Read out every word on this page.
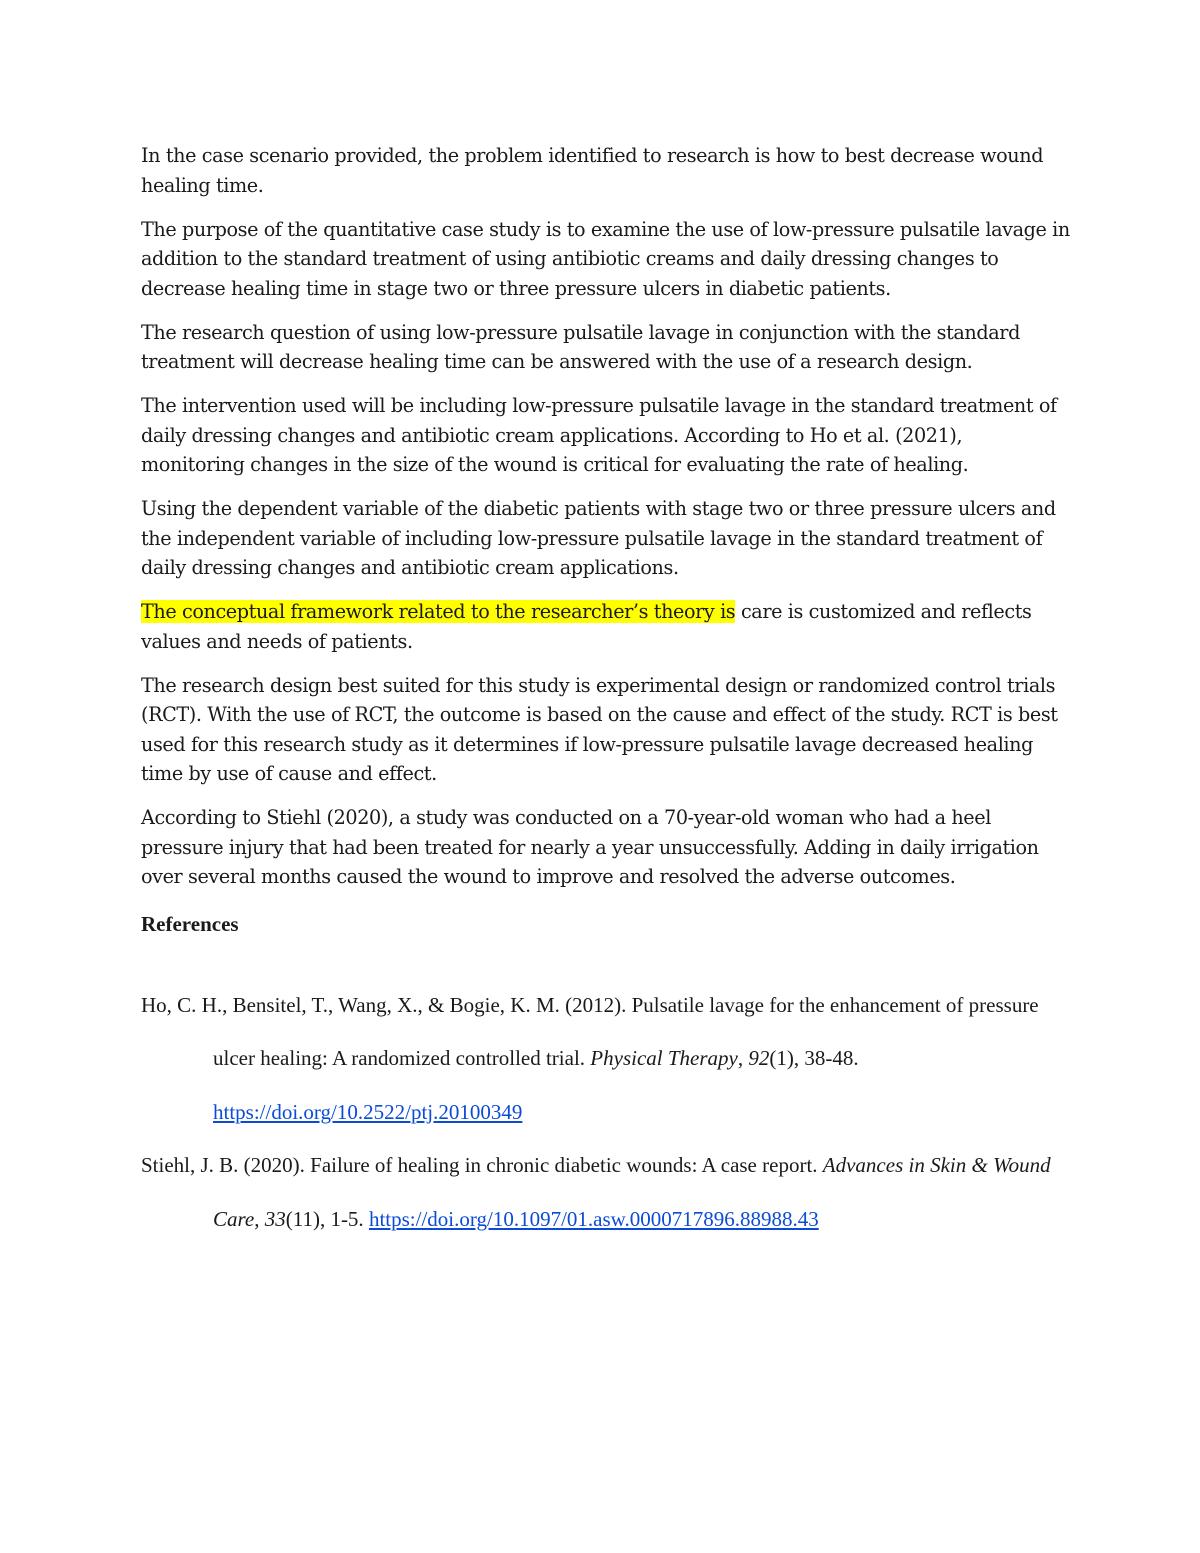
In the case scenario provided, the problem identified to research is how to best decrease wound healing time.

The purpose of the quantitative case study is to examine the use of low-pressure pulsatile lavage in addition to the standard treatment of using antibiotic creams and daily dressing changes to decrease healing time in stage two or three pressure ulcers in diabetic patients.

The research question of using low-pressure pulsatile lavage in conjunction with the standard treatment will decrease healing time can be answered with the use of a research design.

The intervention used will be including low-pressure pulsatile lavage in the standard treatment of daily dressing changes and antibiotic cream applications. According to Ho et al. (2021), monitoring changes in the size of the wound is critical for evaluating the rate of healing.

Using the dependent variable of the diabetic patients with stage two or three pressure ulcers and the independent variable of including low-pressure pulsatile lavage in the standard treatment of daily dressing changes and antibiotic cream applications.

The conceptual framework related to the researcher’s theory is care is customized and reflects values and needs of patients.

The research design best suited for this study is experimental design or randomized control trials (RCT). With the use of RCT, the outcome is based on the cause and effect of the study. RCT is best used for this research study as it determines if low-pressure pulsatile lavage decreased healing time by use of cause and effect.

According to Stiehl (2020), a study was conducted on a 70-year-old woman who had a heel pressure injury that had been treated for nearly a year unsuccessfully. Adding in daily irrigation over several months caused the wound to improve and resolved the adverse outcomes.

References

Ho, C. H., Bensitel, T., Wang, X., & Bogie, K. M. (2012). Pulsatile lavage for the enhancement of pressure ulcer healing: A randomized controlled trial. Physical Therapy, 92(1), 38-48. https://doi.org/10.2522/ptj.20100349

Stiehl, J. B. (2020). Failure of healing in chronic diabetic wounds: A case report. Advances in Skin & Wound Care, 33(11), 1-5. https://doi.org/10.1097/01.asw.0000717896.88988.43
